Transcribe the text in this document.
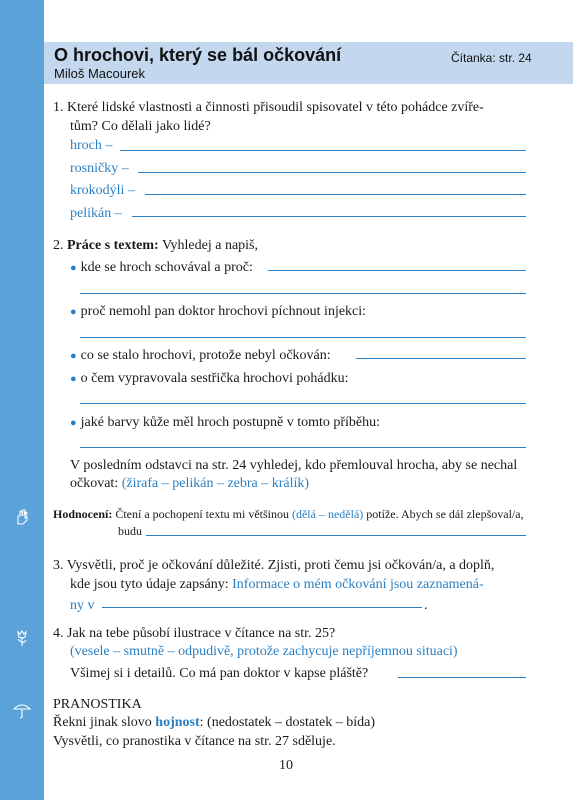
O hrochovi, který se bál očkování
Miloš Macourek
Čítanka: str. 24
1. Které lidské vlastnosti a činnosti přisoudil spisovatel v této pohádce zvíře-
tům? Co dělali jako lidé?
hroch –
rosničky –
krokodýli –
pelikán –
2. Práce s textem: Vyhledej a napiš,
● kde se hroch schovával a proč:
● proč nemohl pan doktor hrochovi píchnout injekci:
● co se stalo hrochovi, protože nebyl očkován:
● o čem vypravovala sestřička hrochovi pohádku:
● jaké barvy kůže měl hroch postupně v tomto příběhu:
V posledním odstavci na str. 24 vyhledej, kdo přemlouval hrocha, aby se nechal
očkovat: (žirafa – pelikán – zebra – králík)
Hodnocení: Čtení a pochopení textu mi většinou (dělá – nedělá) potíže. Abych se dál zlepšoval/a,
budu
3. Vysvětli, proč je očkování důležité. Zjisti, proti čemu jsi očkován/a, a doplň,
kde jsou tyto údaje zapsány: Informace o mém očkování jsou zaznamená-
ny v	.
4. Jak na tebe působí ilustrace v čítance na str. 25?
(vesele – smutně – odpudivě, protože zachycuje nepříjemnou situaci)
Všimej si i detailů. Co má pan doktor v kapse pláště?
PRANOSTIKA
Řekni jinak slovo hojnost: (nedostatek – dostatek – bída)
Vysvětli, co pranostika v čítance na str. 27 sděluje.
10
